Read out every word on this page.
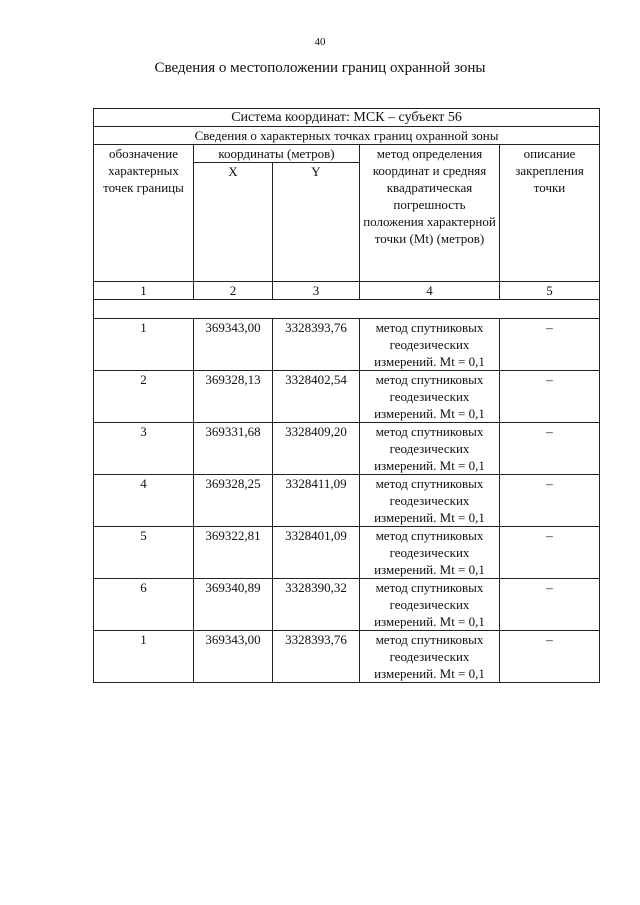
40
Сведения о местоположении границ охранной зоны
Система координат: МСК – субъект 56				
Сведения о характерных точках границ охранной зоны				
обозначение характерных точек границы	координаты (метров)		метод определения координат и средняя квадратическая погрешность положения характерной точки (Mt) (метров)	описание закрепления точки
	X	Y		
1	2	3	4	5

1	369343,00	3328393,76	метод спутниковых геодезических измерений. Mt = 0,1	–
2	369328,13	3328402,54	метод спутниковых геодезических измерений. Mt = 0,1	–
3	369331,68	3328409,20	метод спутниковых геодезических измерений. Mt = 0,1	–
4	369328,25	3328411,09	метод спутниковых геодезических измерений. Mt = 0,1	–
5	369322,81	3328401,09	метод спутниковых геодезических измерений. Mt = 0,1	–
6	369340,89	3328390,32	метод спутниковых геодезических измерений. Mt = 0,1	–
1	369343,00	3328393,76	метод спутниковых геодезических измерений. Mt = 0,1	–
